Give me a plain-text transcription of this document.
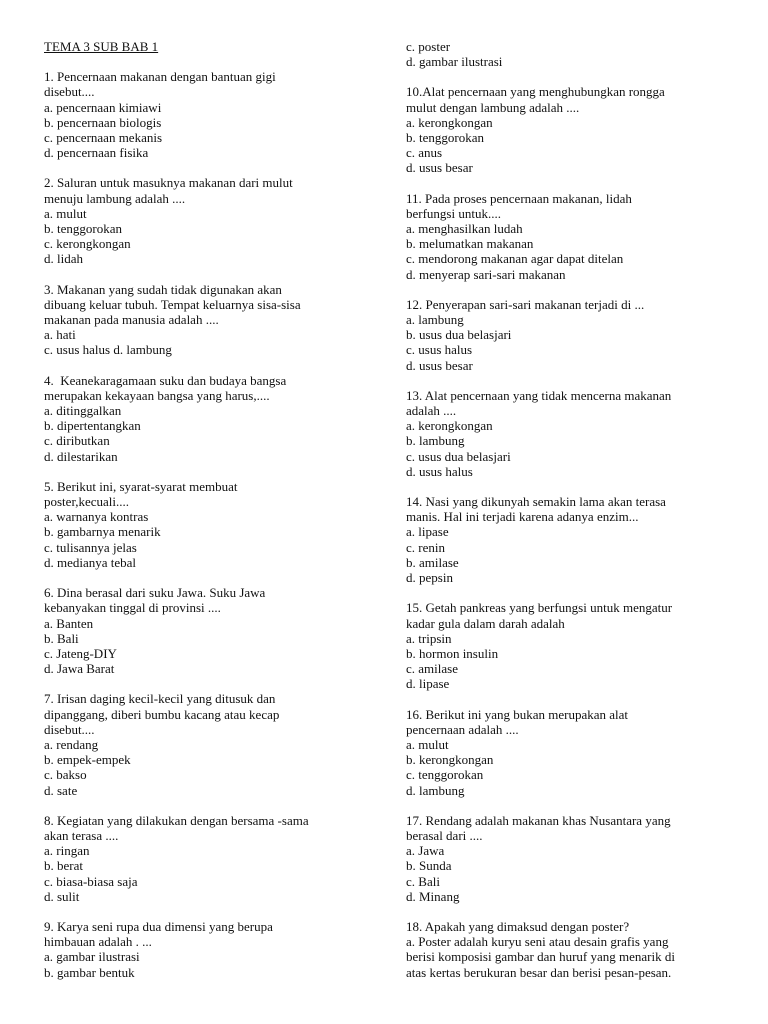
TEMA 3 SUB BAB 1
1. Pencernaan makanan dengan bantuan gigi
disebut....
a. pencernaan kimiawi
b. pencernaan biologis
c. pencernaan mekanis
d. pencernaan fisika
2. Saluran untuk masuknya makanan dari mulut
menuju lambung adalah ....
a. mulut
b. tenggorokan
c. kerongkongan
d. lidah
3. Makanan yang sudah tidak digunakan akan
dibuang keluar tubuh. Tempat keluarnya sisa-sisa
makanan pada manusia adalah ....
a. hati
c. usus halus d. lambung
4.  Keanekaragamaan suku dan budaya bangsa
merupakan kekayaan bangsa yang harus,....
a. ditinggalkan
b. dipertentangkan
c. diributkan
d. dilestarikan
5. Berikut ini, syarat-syarat membuat
poster,kecuali....
a. warnanya kontras
b. gambarnya menarik
c. tulisannya jelas
d. medianya tebal
6. Dina berasal dari suku Jawa. Suku Jawa
kebanyakan tinggal di provinsi ....
a. Banten
b. Bali
c. Jateng-DIY
d. Jawa Barat
7. Irisan daging kecil-kecil yang ditusuk dan
dipanggang, diberi bumbu kacang atau kecap
disebut....
a. rendang
b. empek-empek
c. bakso
d. sate
8. Kegiatan yang dilakukan dengan bersama -sama
akan terasa ....
a. ringan
b. berat
c. biasa-biasa saja
d. sulit
9. Karya seni rupa dua dimensi yang berupa
himbauan adalah . ...
a. gambar ilustrasi
b. gambar bentuk
c. poster
d. gambar ilustrasi
10.Alat pencernaan yang menghubungkan rongga
mulut dengan lambung adalah ....
a. kerongkongan
b. tenggorokan
c. anus
d. usus besar
11. Pada proses pencernaan makanan, lidah
berfungsi untuk....
a. menghasilkan ludah
b. melumatkan makanan
c. mendorong makanan agar dapat ditelan
d. menyerap sari-sari makanan
12. Penyerapan sari-sari makanan terjadi di ...
a. lambung
b. usus dua belasjari
c. usus halus
d. usus besar
13. Alat pencernaan yang tidak mencerna makanan
adalah ....
a. kerongkongan
b. lambung
c. usus dua belasjari
d. usus halus
14. Nasi yang dikunyah semakin lama akan terasa
manis. Hal ini terjadi karena adanya enzim...
a. lipase
c. renin
b. amilase
d. pepsin
15. Getah pankreas yang berfungsi untuk mengatur
kadar gula dalam darah adalah
a. tripsin
b. hormon insulin
c. amilase
d. lipase
16. Berikut ini yang bukan merupakan alat
pencernaan adalah ....
a. mulut
b. kerongkongan
c. tenggorokan
d. lambung
17. Rendang adalah makanan khas Nusantara yang
berasal dari ....
a. Jawa
b. Sunda
c. Bali
d. Minang
18. Apakah yang dimaksud dengan poster?
a. Poster adalah kuryu seni atau desain grafis yang
berisi komposisi gambar dan huruf yang menarik di
atas kertas berukuran besar dan berisi pesan-pesan.
